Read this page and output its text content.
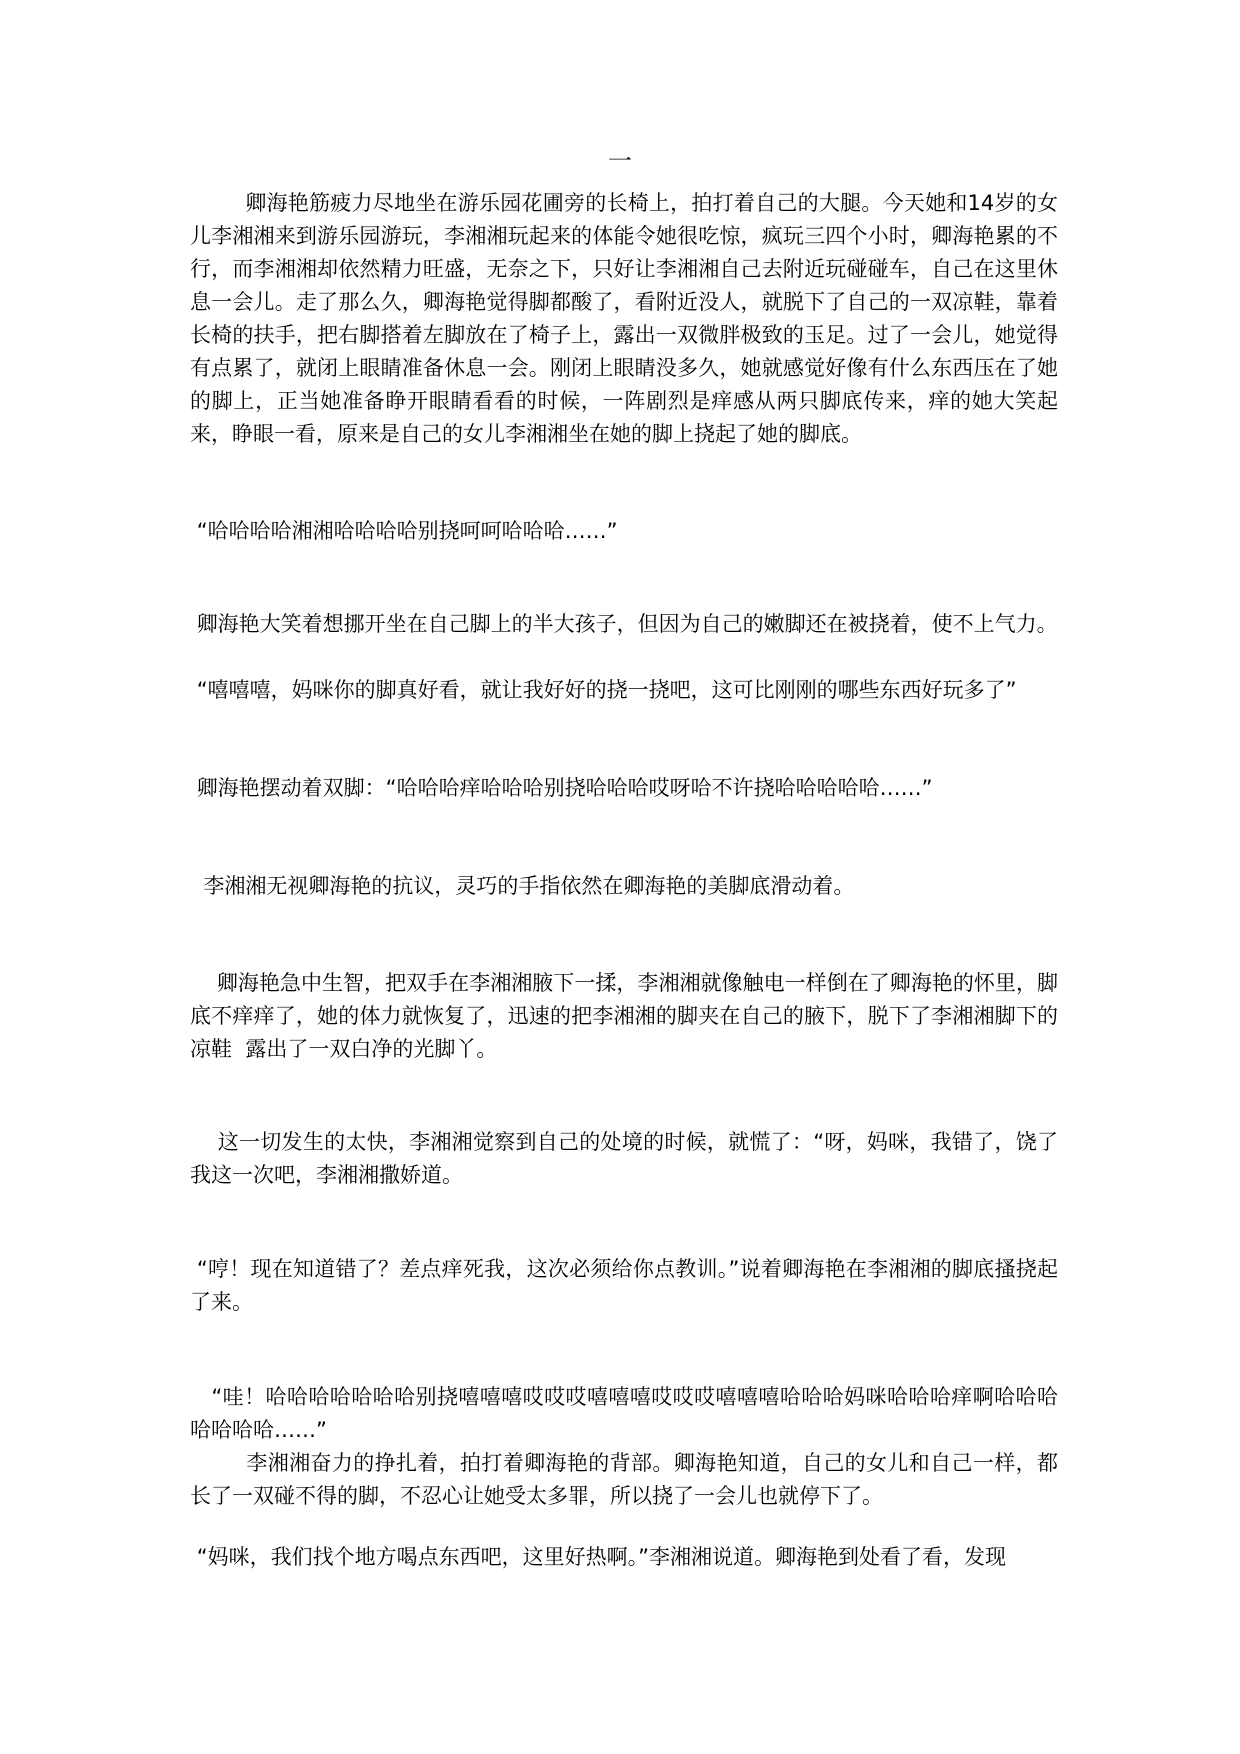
一

卿海艳筋疲力尽地坐在游乐园花圃旁的长椅上，拍打着自己的大腿。今天她和14岁的女儿李湘湘来到游乐园游玩，李湘湘玩起来的体能令她很吃惊，疯玩三四个小时，卿海艳累的不行，而李湘湘却依然精力旺盛，无奈之下，只好让李湘湘自己去附近玩碰碰车，自己在这里休息一会儿。走了那么久，卿海艳觉得脚都酸了，看附近没人，就脱下了自己的一双凉鞋，靠着长椅的扶手，把右脚搭着左脚放在了椅子上，露出一双微胖极致的玉足。过了一会儿，她觉得有点累了，就闭上眼睛准备休息一会。刚闭上眼睛没多久，她就感觉好像有什么东西压在了她的脚上，正当她准备睁开眼睛看看的时候，一阵剧烈是痒感从两只脚底传来，痒的她大笑起来，睁眼一看，原来是自己的女儿李湘湘坐在她的脚上挠起了她的脚底。

“哈哈哈哈湘湘哈哈哈哈别挠呵呵哈哈哈……”

卿海艳大笑着想挪开坐在自己脚上的半大孩子，但因为自己的嫩脚还在被挠着，使不上气力。

“嘻嘻嘻，妈咪你的脚真好看，就让我好好的挠一挠吧，这可比刚刚的哪些东西好玩多了”

卿海艳摆动着双脚：“哈哈哈痒哈哈哈别挠哈哈哈哎呀哈不许挠哈哈哈哈哈……”

李湘湘无视卿海艳的抗议，灵巧的手指依然在卿海艳的美脚底滑动着。

卿海艳急中生智，把双手在李湘湘腋下一揉，李湘湘就像触电一样倒在了卿海艳的怀里，脚底不痒痒了，她的体力就恢复了，迅速的把李湘湘的脚夹在自己的腋下，脱下了李湘湘脚下的凉鞋  露出了一双白净的光脚丫。

这一切发生的太快，李湘湘觉察到自己的处境的时候，就慌了：“呀，妈咪，我错了，饶了我这一次吧，李湘湘撒娇道。

“哼！现在知道错了？差点痒死我，这次必须给你点教训。”说着卿海艳在李湘湘的脚底搔挠起了来。

“哇！哈哈哈哈哈哈哈别挠嘻嘻嘻哎哎哎嘻嘻嘻哎哎哎嘻嘻嘻哈哈哈妈咪哈哈哈痒啊哈哈哈哈哈哈哈……”

李湘湘奋力的挣扎着，拍打着卿海艳的背部。卿海艳知道，自己的女儿和自己一样，都长了一双碰不得的脚，不忍心让她受太多罪，所以挠了一会儿也就停下了。

“妈咪，我们找个地方喝点东西吧，这里好热啊。”李湘湘说道。卿海艳到处看了看，发现
